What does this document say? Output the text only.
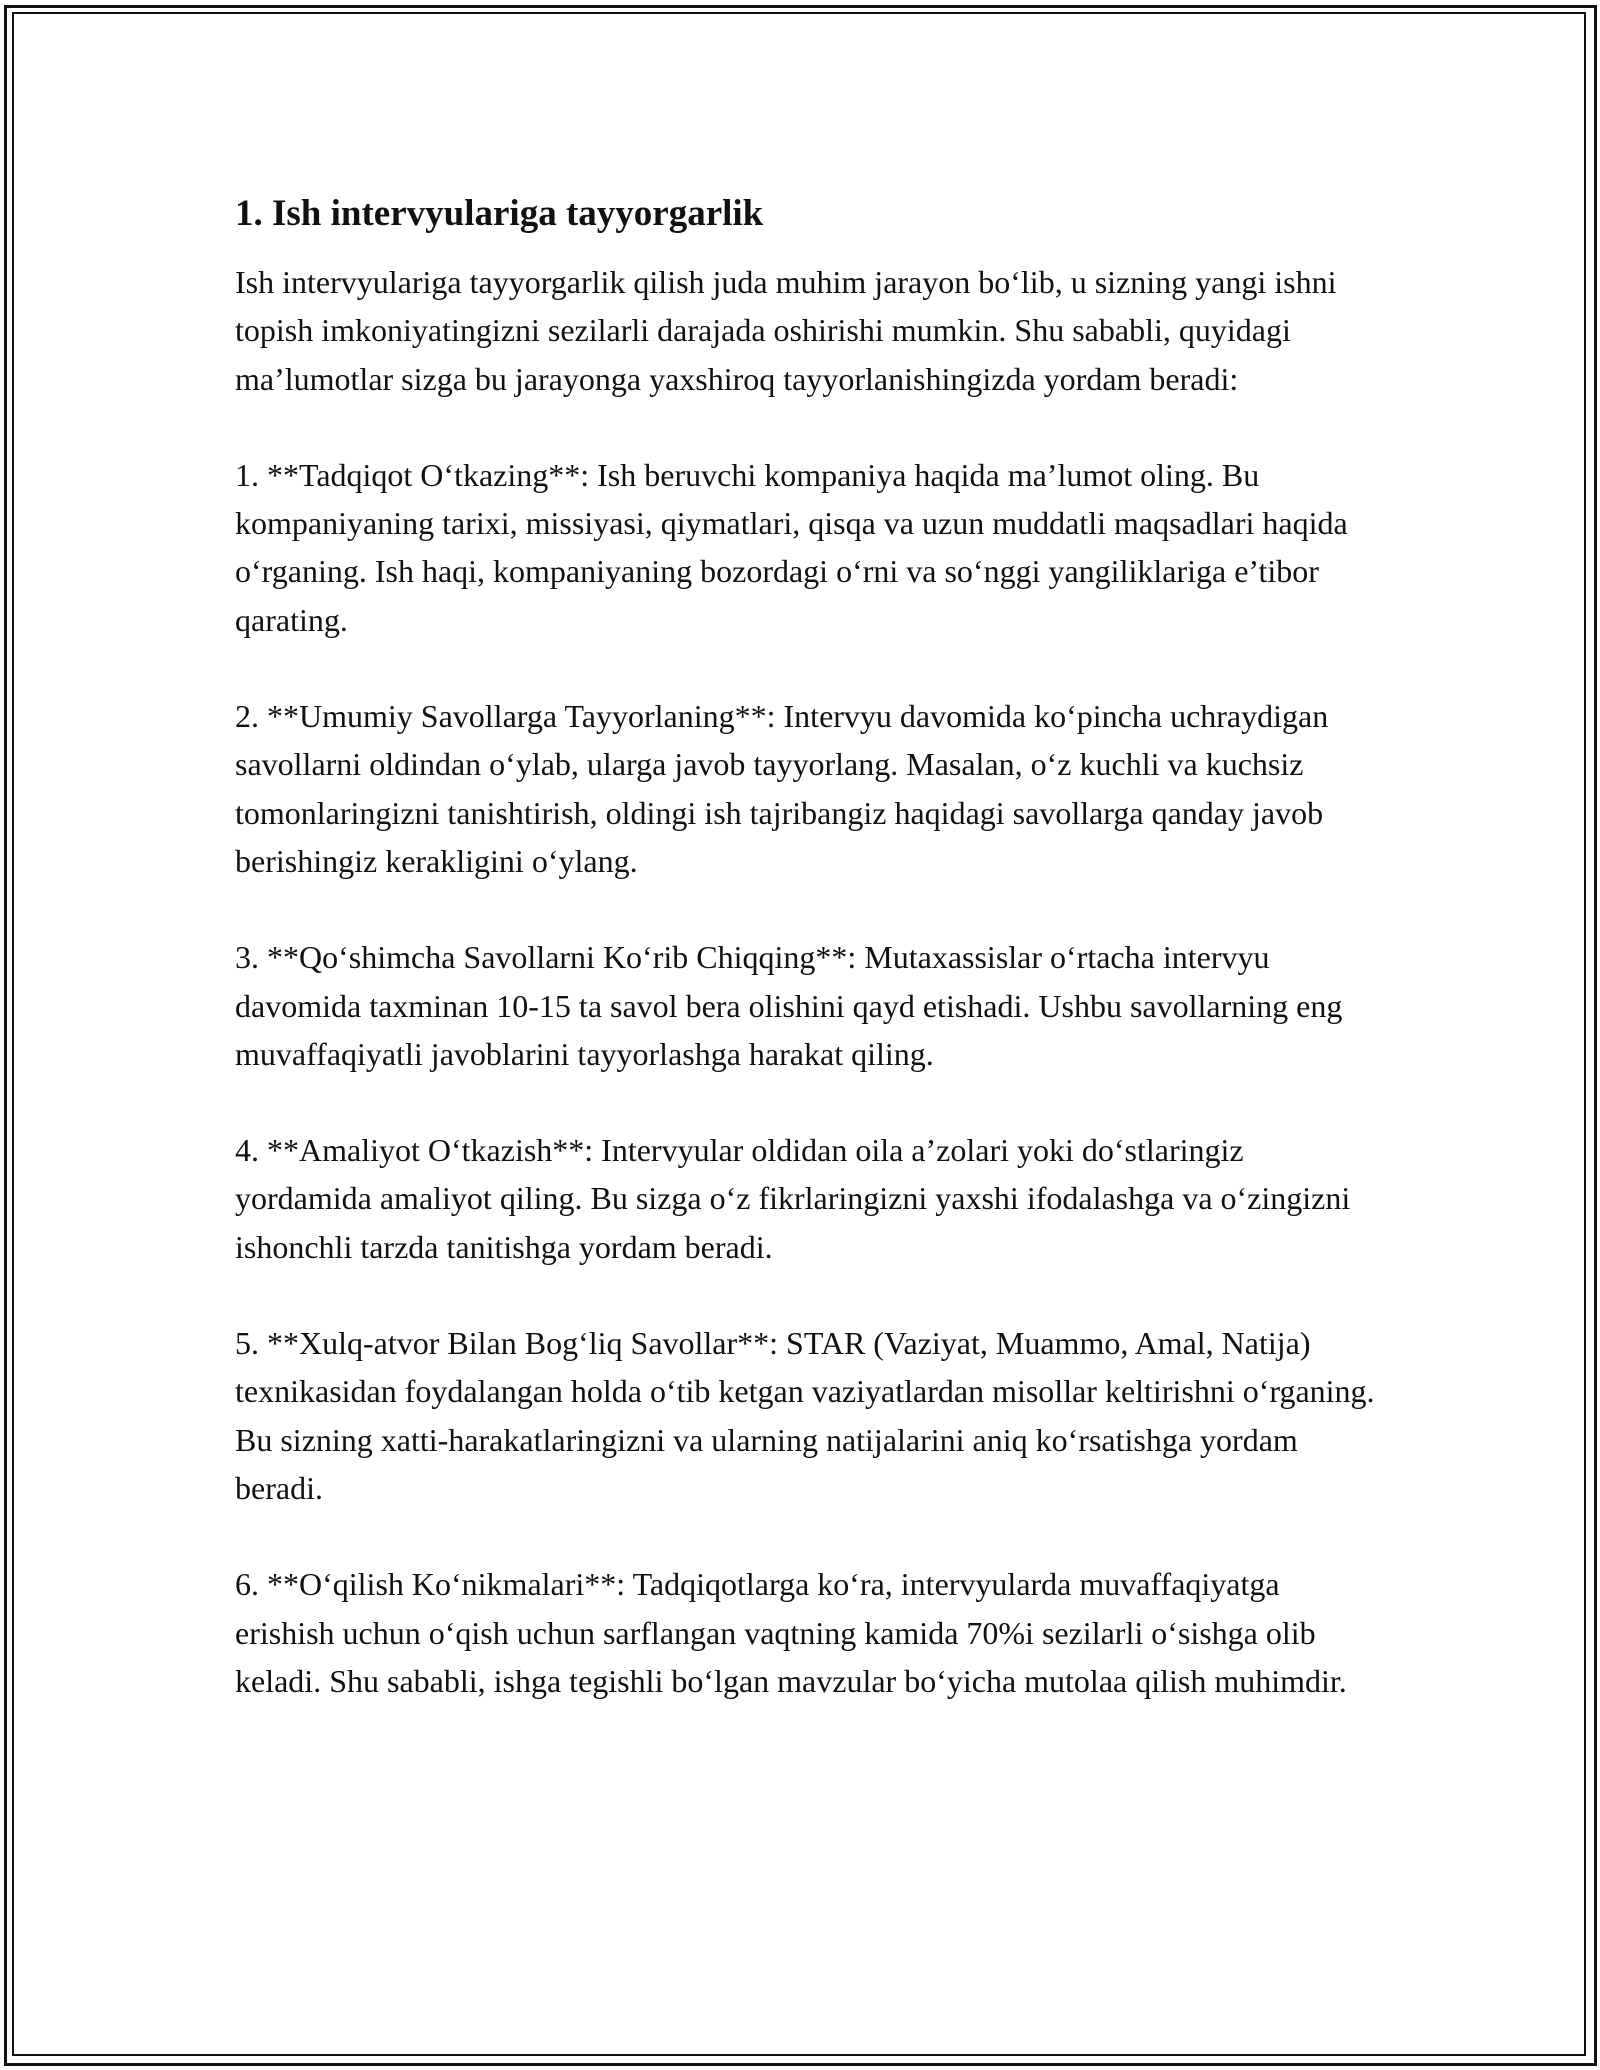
1. Ish intervyulariga tayyorgarlik

Ish intervyulariga tayyorgarlik qilish juda muhim jarayon bo‘lib, u sizning yangi ishni topish imkoniyatingizni sezilarli darajada oshirishi mumkin. Shu sababli, quyidagi ma’lumotlar sizga bu jarayonga yaxshiroq tayyorlanishingizda yordam beradi:

1. **Tadqiqot O‘tkazing**: Ish beruvchi kompaniya haqida ma’lumot oling. Bu kompaniyaning tarixi, missiyasi, qiymatlari, qisqa va uzun muddatli maqsadlari haqida o‘rganing. Ish haqi, kompaniyaning bozordagi o‘rni va so‘nggi yangiliklariga e’tibor qarating.

2. **Umumiy Savollarga Tayyorlaning**: Intervyu davomida ko‘pincha uchraydigan savollarni oldindan o‘ylab, ularga javob tayyorlang. Masalan, o‘z kuchli va kuchsiz tomonlaringizni tanishtirish, oldingi ish tajribangiz haqidagi savollarga qanday javob berishingiz kerakligini o‘ylang.

3. **Qo‘shimcha Savollarni Ko‘rib Chiqqing**: Mutaxassislar o‘rtacha intervyu davomida taxminan 10-15 ta savol bera olishini qayd etishadi. Ushbu savollarning eng muvaffaqiyatli javoblarini tayyorlashga harakat qiling.

4. **Amaliyot O‘tkazish**: Intervyular oldidan oila a’zolari yoki do‘stlaringiz yordamida amaliyot qiling. Bu sizga o‘z fikrlaringizni yaxshi ifodalashga va o‘zingizni ishonchli tarzda tanitishga yordam beradi.

5. **Xulq-atvor Bilan Bog‘liq Savollar**: STAR (Vaziyat, Muammo, Amal, Natija) texnikasidan foydalangan holda o‘tib ketgan vaziyatlardan misollar keltirishni o‘rganing. Bu sizning xatti-harakatlaringizni va ularning natijalarini aniq ko‘rsatishga yordam beradi.

6. **O‘qilish Ko‘nikmalari**: Tadqiqotlarga ko‘ra, intervyularda muvaffaqiyatga erishish uchun o‘qish uchun sarflangan vaqtning kamida 70%i sezilarli o‘sishga olib keladi. Shu sababli, ishga tegishli bo‘lgan mavzular bo‘yicha mutolaa qilish muhimdir.
